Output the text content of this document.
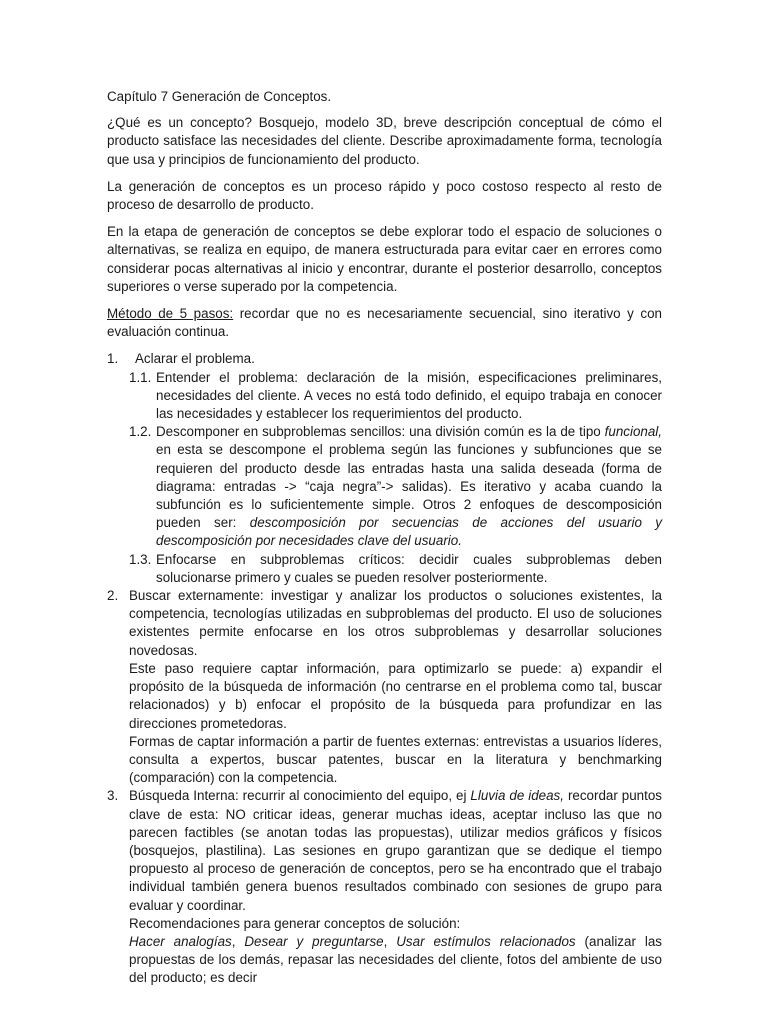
Capítulo 7 Generación de Conceptos.

¿Qué es un concepto? Bosquejo, modelo 3D, breve descripción conceptual de cómo el producto satisface las necesidades del cliente. Describe aproximadamente forma, tecnología que usa y principios de funcionamiento del producto.

La generación de conceptos es un proceso rápido y poco costoso respecto al resto de proceso de desarrollo de producto.

En la etapa de generación de conceptos se debe explorar todo el espacio de soluciones o alternativas, se realiza en equipo, de manera estructurada para evitar caer en errores como considerar pocas alternativas al inicio y encontrar, durante el posterior desarrollo, conceptos superiores o verse superado por la competencia.

Método de 5 pasos: recordar que no es necesariamente secuencial, sino iterativo y con evaluación continua.

1.	Aclarar el problema.

1.1. Entender el problema: declaración de la misión, especificaciones preliminares, necesidades del cliente. A veces no está todo definido, el equipo trabaja en conocer las necesidades y establecer los requerimientos del producto.

1.2. Descomponer en subproblemas sencillos: una división común es la de tipo funcional, en esta se descompone el problema según las funciones y subfunciones que se requieren del producto desde las entradas hasta una salida deseada (forma de diagrama: entradas -> “caja negra”-> salidas). Es iterativo y acaba cuando la subfunción es lo suficientemente simple. Otros 2 enfoques de descomposición pueden ser: descomposición por secuencias de acciones del usuario y descomposición por necesidades clave del usuario.

1.3. Enfocarse en subproblemas críticos: decidir cuales subproblemas deben solucionarse primero y cuales se pueden resolver posteriormente.

2. Buscar externamente: investigar y analizar los productos o soluciones existentes, la competencia, tecnologías utilizadas en subproblemas del producto. El uso de soluciones existentes permite enfocarse en los otros subproblemas y desarrollar soluciones novedosas.

Este paso requiere captar información, para optimizarlo se puede: a) expandir el propósito de la búsqueda de información (no centrarse en el problema como tal, buscar relacionados) y b) enfocar el propósito de la búsqueda para profundizar en las direcciones prometedoras.

Formas de captar información a partir de fuentes externas: entrevistas a usuarios líderes, consulta a expertos, buscar patentes, buscar en la literatura y benchmarking (comparación) con la competencia.

3. Búsqueda Interna: recurrir al conocimiento del equipo, ej Lluvia de ideas, recordar puntos clave de esta: NO criticar ideas, generar muchas ideas, aceptar incluso las que no parecen factibles (se anotan todas las propuestas), utilizar medios gráficos y físicos (bosquejos, plastilina). Las sesiones en grupo garantizan que se dedique el tiempo propuesto al proceso de generación de conceptos, pero se ha encontrado que el trabajo individual también genera buenos resultados combinado con sesiones de grupo para evaluar y coordinar.

Recomendaciones para generar conceptos de solución:

Hacer analogías, Desear y preguntarse, Usar estímulos relacionados (analizar las propuestas de los demás, repasar las necesidades del cliente, fotos del ambiente de uso del producto; es decir
